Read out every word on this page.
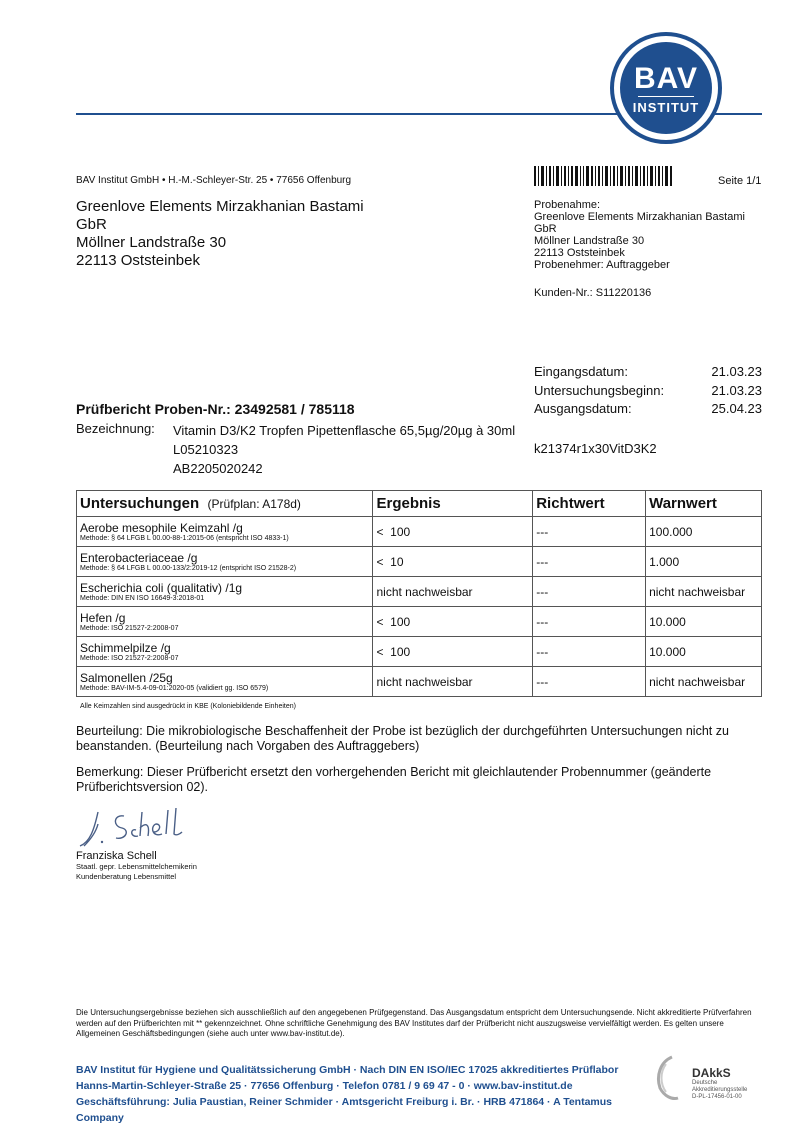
BAV
INSTITUT
BAV Institut GmbH • H.-M.-Schleyer-Str. 25 • 77656 Offenburg	Seite 1/1
Greenlove Elements Mirzakhanian Bastami
GbR
Möllner Landstraße 30
22113 Oststeinbek
Probenahme:
Greenlove Elements Mirzakhanian Bastami
GbR
Möllner Landstraße 30
22113 Oststeinbek
Probenehmer: Auftraggeber
Kunden-Nr.: S11220136
Eingangsdatum:	21.03.23
Untersuchungsbeginn:	21.03.23
Ausgangsdatum:	25.04.23
Prüfbericht Proben-Nr.: 23492581 / 785118
Bezeichnung: Vitamin D3/K2 Tropfen Pipettenflasche 65,5µg/20µg à 30ml
L05210323
AB2205020242
k21374r1x30VitD3K2
Untersuchungen (Prüfplan: A178d)	Ergebnis	Richtwert	Warnwert
Aerobe mesophile Keimzahl /g
Methode: § 64 LFGB L 00.00-88-1:2015-06 (entspricht ISO 4833-1)	<  100	---	100.000
Enterobacteriaceae /g
Methode: § 64 LFGB L 00.00-133/2:2019-12 (entspricht ISO 21528-2)	<  10	---	1.000
Escherichia coli (qualitativ) /1g
Methode: DIN EN ISO 16649-3:2018-01	nicht nachweisbar	---	nicht nachweisbar
Hefen /g
Methode: ISO 21527-2:2008-07	<  100	---	10.000
Schimmelpilze /g
Methode: ISO 21527-2:2008-07	<  100	---	10.000
Salmonellen /25g
Methode: BAV-IM-5.4-09-01:2020-05 (validiert gg. ISO 6579)	nicht nachweisbar	---	nicht nachweisbar
Alle Keimzahlen sind ausgedrückt in KBE (Koloniebildende Einheiten)
Beurteilung: Die mikrobiologische Beschaffenheit der Probe ist bezüglich der durchgeführten Untersuchungen nicht zu beanstanden. (Beurteilung nach Vorgaben des Auftraggebers)
Bemerkung: Dieser Prüfbericht ersetzt den vorhergehenden Bericht mit gleichlautender Probennummer (geänderte Prüfberichtsversion 02).
Franziska Schell
Staatl. gepr. Lebensmittelchemikerin
Kundenberatung Lebensmittel
Die Untersuchungsergebnisse beziehen sich ausschließlich auf den angegebenen Prüfgegenstand. Das Ausgangsdatum entspricht dem Untersuchungsende. Nicht akkreditierte Prüfverfahren werden auf den Prüfberichten mit ** gekennzeichnet. Ohne schriftliche Genehmigung des BAV Institutes darf der Prüfbericht nicht auszugsweise vervielfältigt werden. Es gelten unsere Allgemeinen Geschäftsbedingungen (siehe auch unter www.bav-institut.de).
BAV Institut für Hygiene und Qualitätssicherung GmbH · Nach DIN EN ISO/IEC 17025 akkreditiertes Prüflabor
Hanns-Martin-Schleyer-Straße 25 · 77656 Offenburg · Telefon 0781 / 9 69 47 - 0 · www.bav-institut.de
Geschäftsführung: Julia Paustian, Reiner Schmider · Amtsgericht Freiburg i. Br. · HRB 471864 · A Tentamus Company
DAkkS
Deutsche
Akkreditierungsstelle
D-PL-17456-01-00
